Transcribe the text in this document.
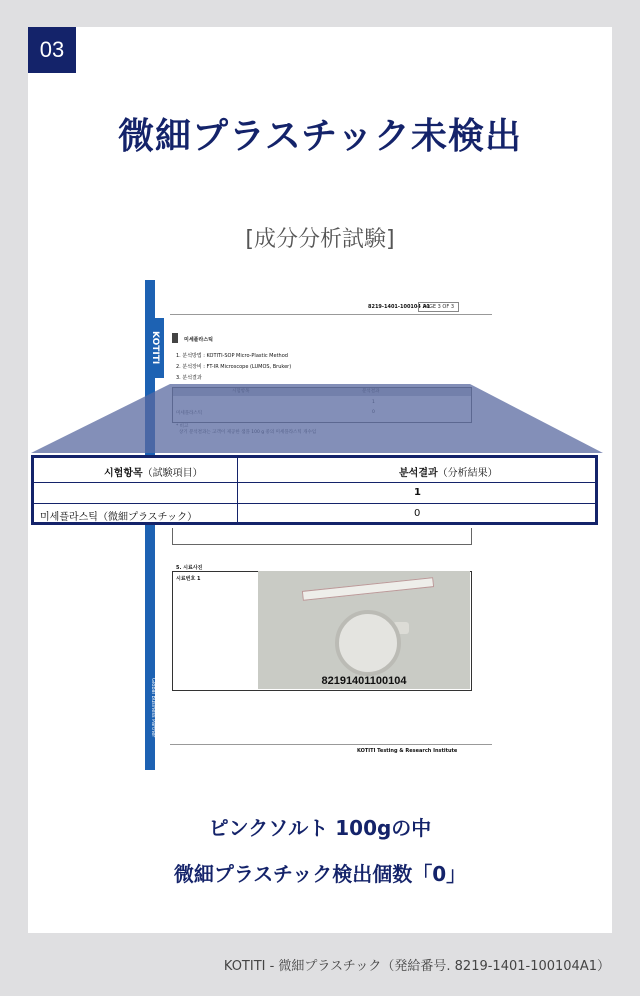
03
微細プラスチック未検出
[成分分析試験]
KOTITI
Global Business Partner
8219-1401-100104 A1
PAGE 3 OF 3
미세플라스틱
1. 분석방법 : KOTITI-SOP Micro-Plastic Method
2. 분석장비 : FT-IR Microscope (LUMOS, Bruker)
3. 분석결과
5. 시료사진
시료번호 1
82191401100104
KOTITI Testing & Research Institute
시험항목（試験項目）	분석결과（分析結果）
1
미세플라스틱（微細プラスチック）	0
ピンクソルト 100gの中
微細プラスチック検出個数「0」
KOTITI - 微細プラスチック（発給番号. 8219-1401-100104A1）
